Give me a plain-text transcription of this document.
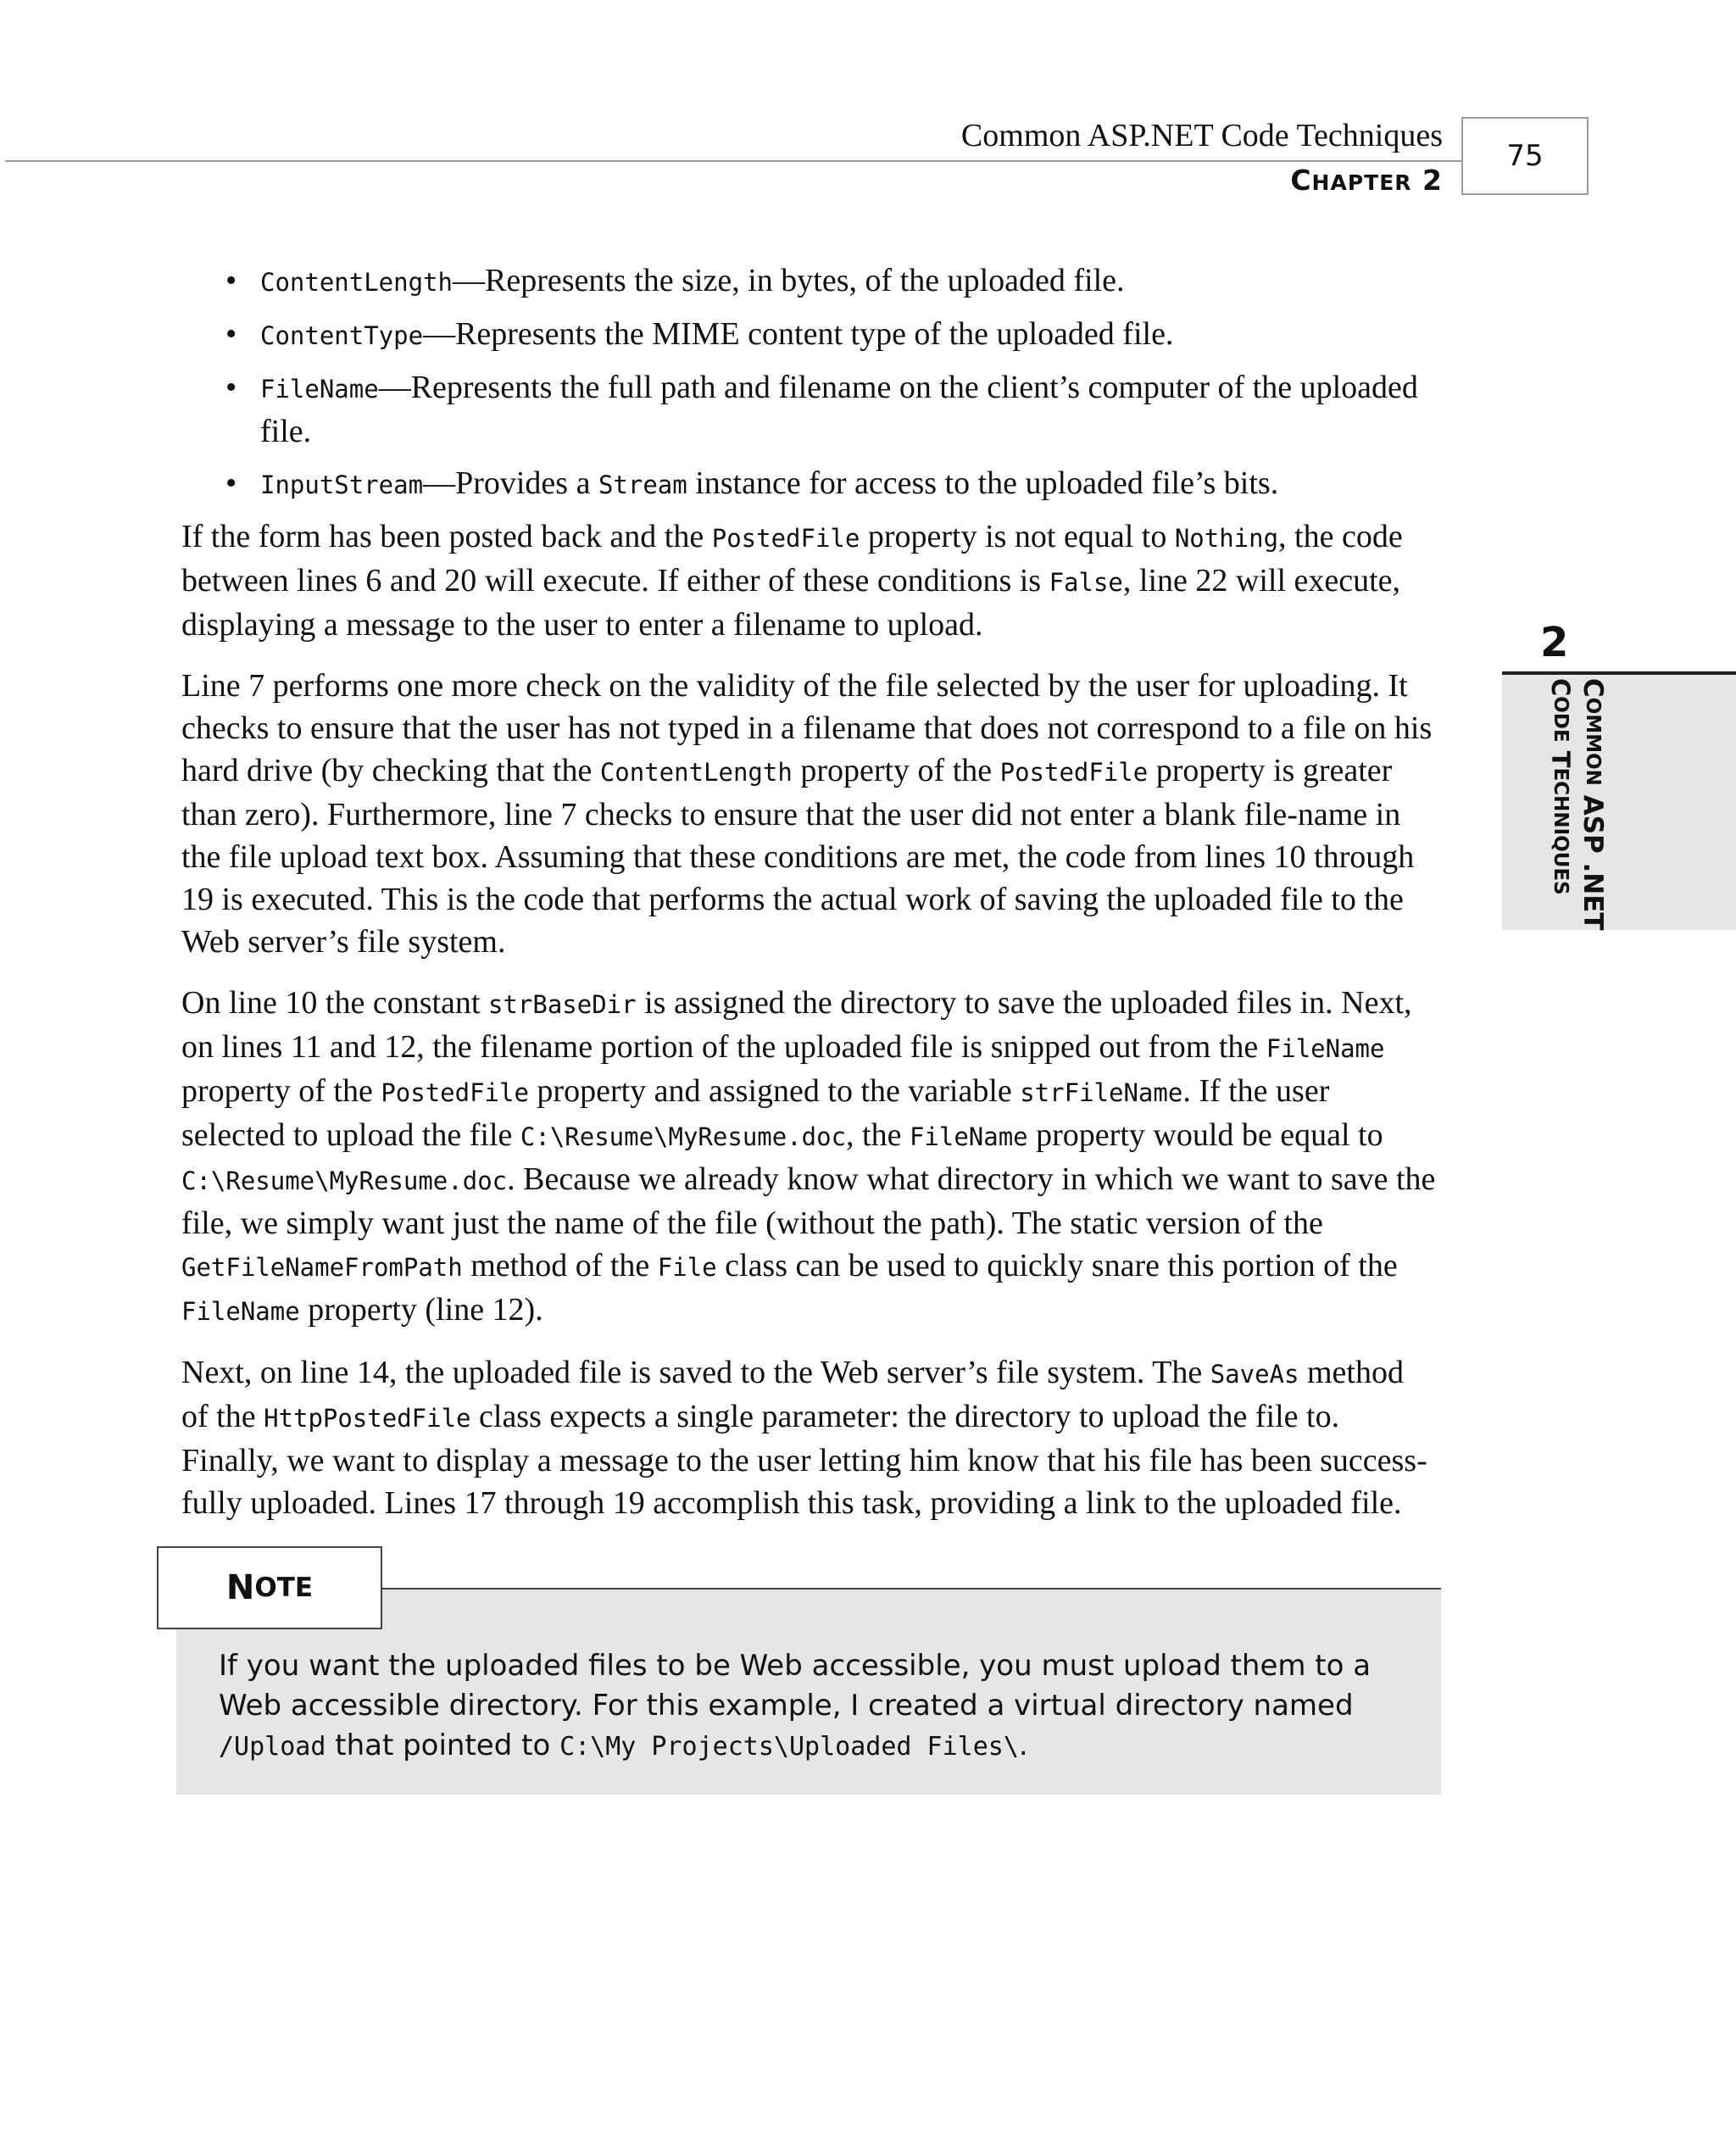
Common ASP.NET Code Techniques
CHAPTER 2
75
2
COMMON ASP .NET
CODE TECHNIQUES
• ContentLength—Represents the size, in bytes, of the uploaded file.
• ContentType—Represents the MIME content type of the uploaded file.
• FileName—Represents the full path and filename on the client’s computer of the uploaded file.
• InputStream—Provides a Stream instance for access to the uploaded file’s bits.

If the form has been posted back and the PostedFile property is not equal to Nothing, the code between lines 6 and 20 will execute. If either of these conditions is False, line 22 will execute, displaying a message to the user to enter a filename to upload.

Line 7 performs one more check on the validity of the file selected by the user for uploading. It checks to ensure that the user has not typed in a filename that does not correspond to a file on his hard drive (by checking that the ContentLength property of the PostedFile property is greater than zero). Furthermore, line 7 checks to ensure that the user did not enter a blank file-name in the file upload text box. Assuming that these conditions are met, the code from lines 10 through 19 is executed. This is the code that performs the actual work of saving the uploaded file to the Web server’s file system.

On line 10 the constant strBaseDir is assigned the directory to save the uploaded files in. Next, on lines 11 and 12, the filename portion of the uploaded file is snipped out from the FileName property of the PostedFile property and assigned to the variable strFileName. If the user selected to upload the file C:\Resume\MyResume.doc, the FileName property would be equal to C:\Resume\MyResume.doc. Because we already know what directory in which we want to save the file, we simply want just the name of the file (without the path). The static version of the GetFileNameFromPath method of the File class can be used to quickly snare this portion of the FileName property (line 12).

Next, on line 14, the uploaded file is saved to the Web server’s file system. The SaveAs method of the HttpPostedFile class expects a single parameter: the directory to upload the file to. Finally, we want to display a message to the user letting him know that his file has been success-fully uploaded. Lines 17 through 19 accomplish this task, providing a link to the uploaded file.

N OTE
If you want the uploaded files to be Web accessible, you must upload them to a Web accessible directory. For this example, I created a virtual directory named /Upload that pointed to C:\My Projects\Uploaded Files\.
